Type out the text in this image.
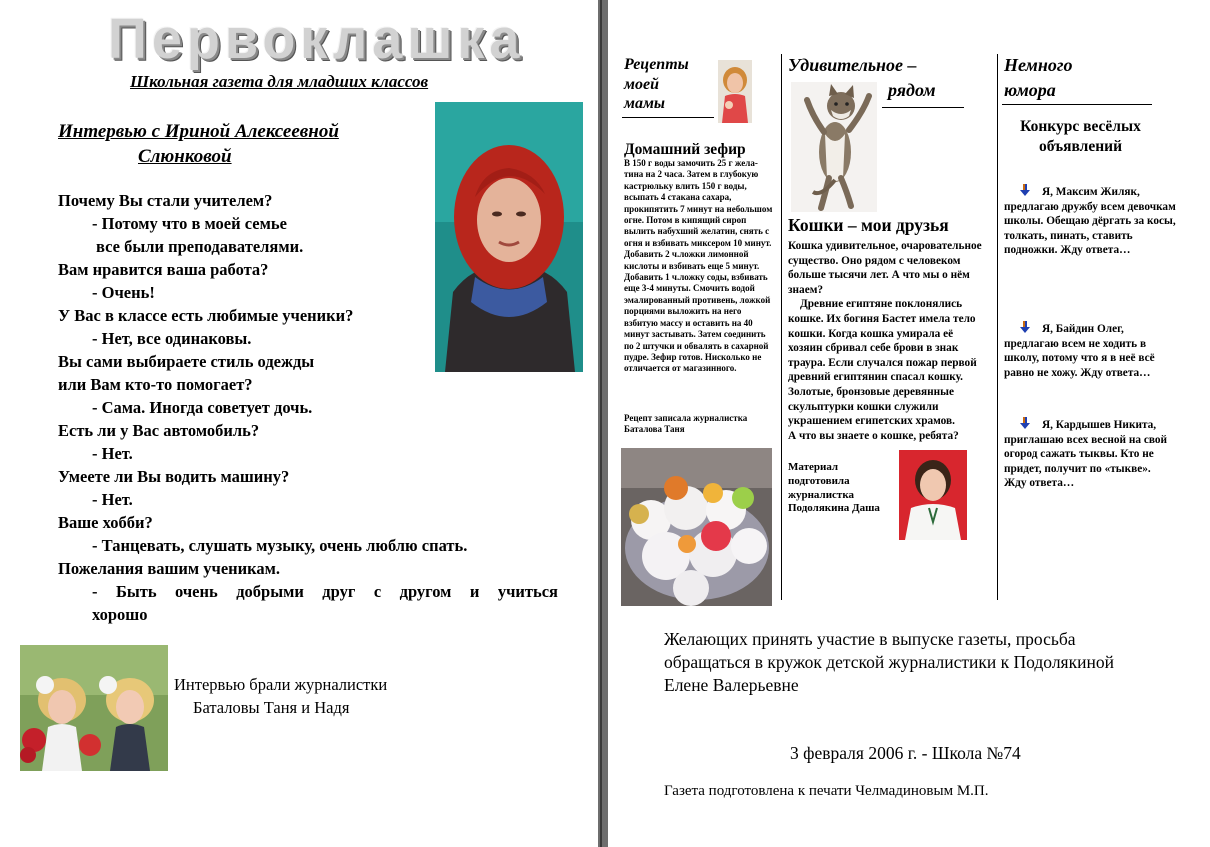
Первоклашка
Школьная газета для младших классов
Интервью с Ириной Алексеевной
Слюнковой
Почему Вы стали учителем?
- Потому что в моей семье
все были преподавателями.
Вам нравится ваша работа?
- Очень!
У Вас в классе есть любимые ученики?
- Нет, все одинаковы.
Вы сами выбираете стиль одежды
или Вам кто-то помогает?
- Сама. Иногда советует дочь.
Есть ли у Вас автомобиль?
- Нет.
Умеете ли Вы водить машину?
- Нет.
Ваше хобби?
- Танцевать, слушать музыку, очень люблю спать.
Пожелания вашим ученикам.
- Быть очень добрыми друг с другом и учиться
хорошо
Интервью брали журналистки
Баталовы Таня и Надя
Рецепты
моей
мамы
Домашний зефир
В 150 г воды замочить 25 г жела-тина на 2 часа. Затем в глубокую кастрюльку влить 150 г воды, всыпать 4 стакана сахара, прокипятить 7 минут на небольшом огне. Потом в кипящий сироп вылить набухший желатин, снять с огня и взбивать миксером 10 минут. Добавить 2 ч.ложки лимонной кислоты и взбивать еще 5 минут. Добавить 1 ч.ложку соды, взбивать еще 3-4 минуты. Смочить водой эмалированный противень, ложкой порциями выложить на него взбитую массу и оставить на 40 минут застывать. Затем соединить по 2 штучки и обвалять в сахарной пудре. Зефир готов. Нисколько не отличается от магазинного.
Рецепт записала журналистка
Баталова Таня
Удивительное –
рядом
Кошки – мои друзья
Кошка удивительное, очаровательное существо. Оно рядом с человеком больше тысячи лет. А что мы о нём знаем?
Древние египтяне поклонялись кошке. Их богиня Бастет имела тело кошки. Когда кошка умирала её хозяин сбривал себе брови в знак траура. Если случался пожар первой древний египтянин спасал кошку. Золотые, бронзовые деревянные скульптурки кошки служили украшением египетских храмов.
А что вы знаете о кошке, ребята?
Материал
подготовила
журналистка
Подолякина Даша
Немного
юмора
Конкурс весёлых
объявлений
Я, Максим Жиляк, предлагаю дружбу всем девочкам школы. Обещаю дёргать за косы, толкать, пинать, ставить подножки. Жду ответа…
Я, Байдин Олег, предлагаю всем не ходить в школу, потому что я в неё всё равно не хожу. Жду ответа…
Я, Кардышев Никита, приглашаю всех весной на свой огород сажать тыквы. Кто не придет, получит по «тыкве». Жду ответа…
Желающих принять участие в выпуске газеты, просьба обращаться в кружок детской журналистики к Подолякиной Елене Валерьевне
3 февраля 2006 г. - Школа №74
Газета подготовлена к печати Челмадиновым М.П.
